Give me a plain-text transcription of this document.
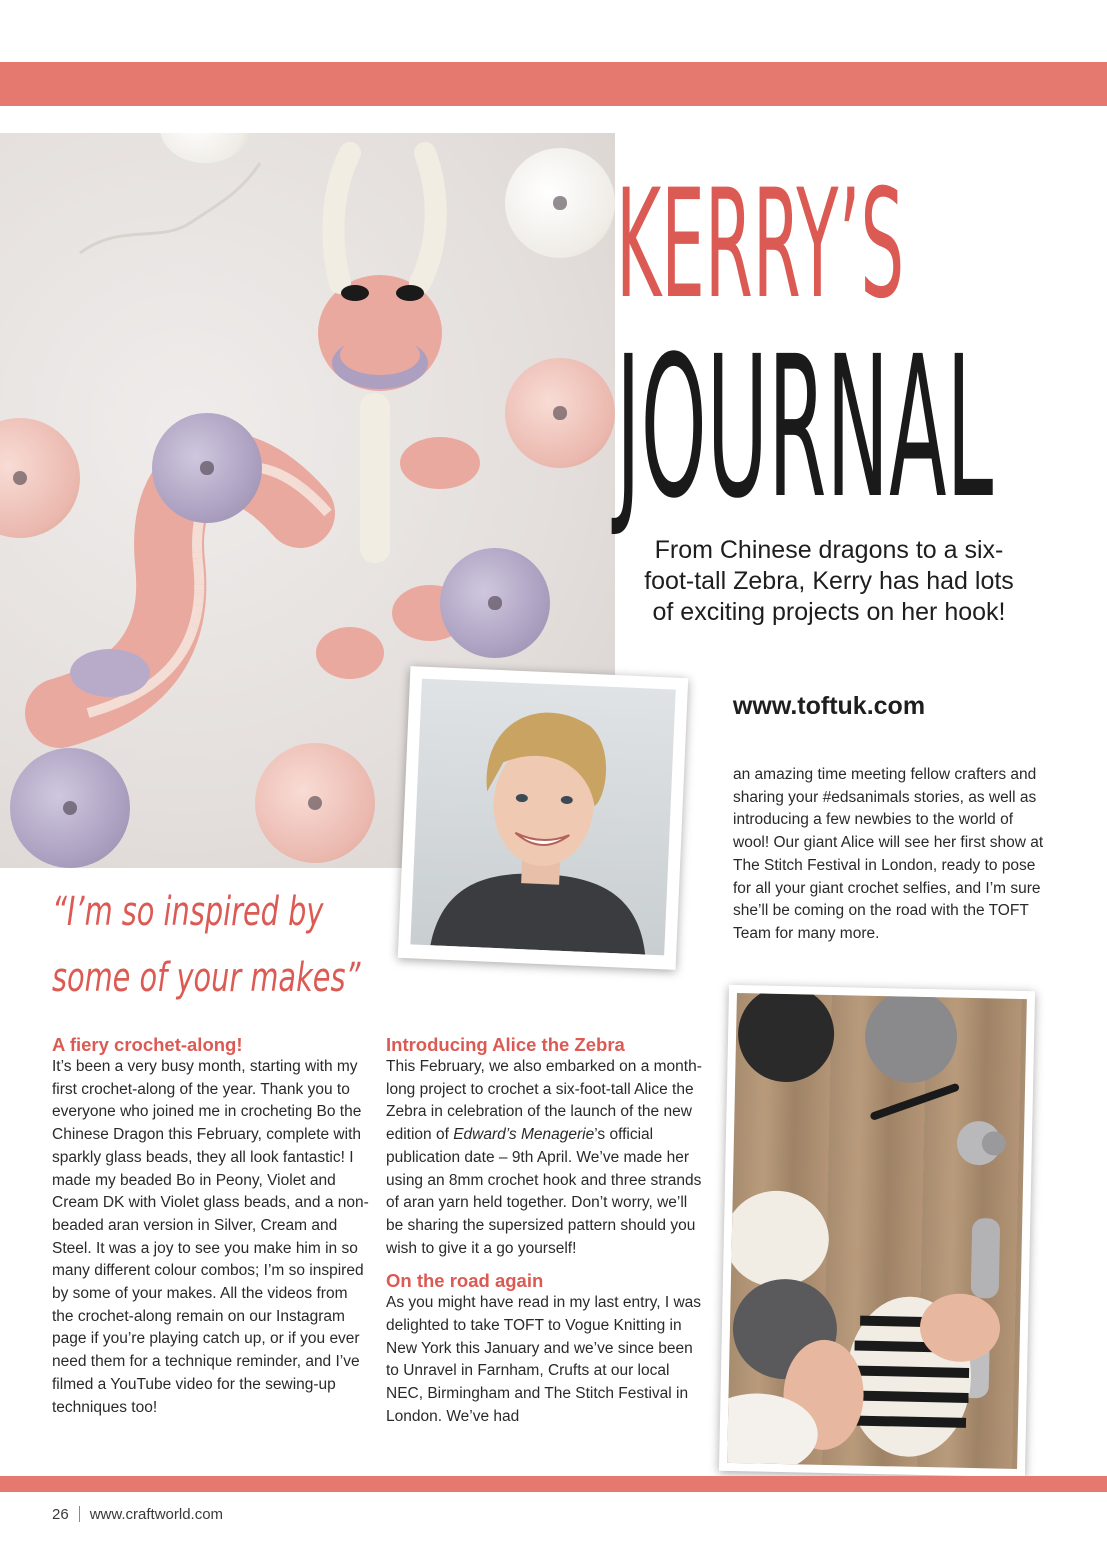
KERRY’S
JOURNAL

From Chinese dragons to a six-foot-tall Zebra, Kerry has had lots of exciting projects on her hook!

www.toftuk.com

“I’m so inspired by

some of your makes”

A fiery crochet-along!

It’s been a very busy month, starting with my first crochet-along of the year. Thank you to everyone who joined me in crocheting Bo the Chinese Dragon this February, complete with sparkly glass beads, they all look fantastic! I made my beaded Bo in Peony, Violet and Cream DK with Violet glass beads, and a non-beaded aran version in Silver, Cream and Steel. It was a joy to see you make him in so many different colour combos; I’m so inspired by some of your makes. All the videos from the crochet-along remain on our Instagram page if you’re playing catch up, or if you ever need them for a technique reminder, and I’ve filmed a YouTube video for the sewing-up techniques too!

Introducing Alice the Zebra

This February, we also embarked on a month-long project to crochet a six-foot-tall Alice the Zebra in celebration of the launch of the new edition of Edward’s Menagerie’s official publication date – 9th April. We’ve made her using an 8mm crochet hook and three strands of aran yarn held together. Don’t worry, we’ll be sharing the supersized pattern should you wish to give it a go yourself!

On the road again

As you might have read in my last entry, I was delighted to take TOFT to Vogue Knitting in New York this January and we’ve since been to Unravel in Farnham, Crufts at our local NEC, Birmingham and The Stitch Festival in London. We’ve had

an amazing time meeting fellow crafters and sharing your #edsanimals stories, as well as introducing a few newbies to the world of wool! Our giant Alice will see her first show at The Stitch Festival in London, ready to pose for all your giant crochet selfies, and I’m sure she’ll be coming on the road with the TOFT Team for many more.

26 www.craftworld.com
